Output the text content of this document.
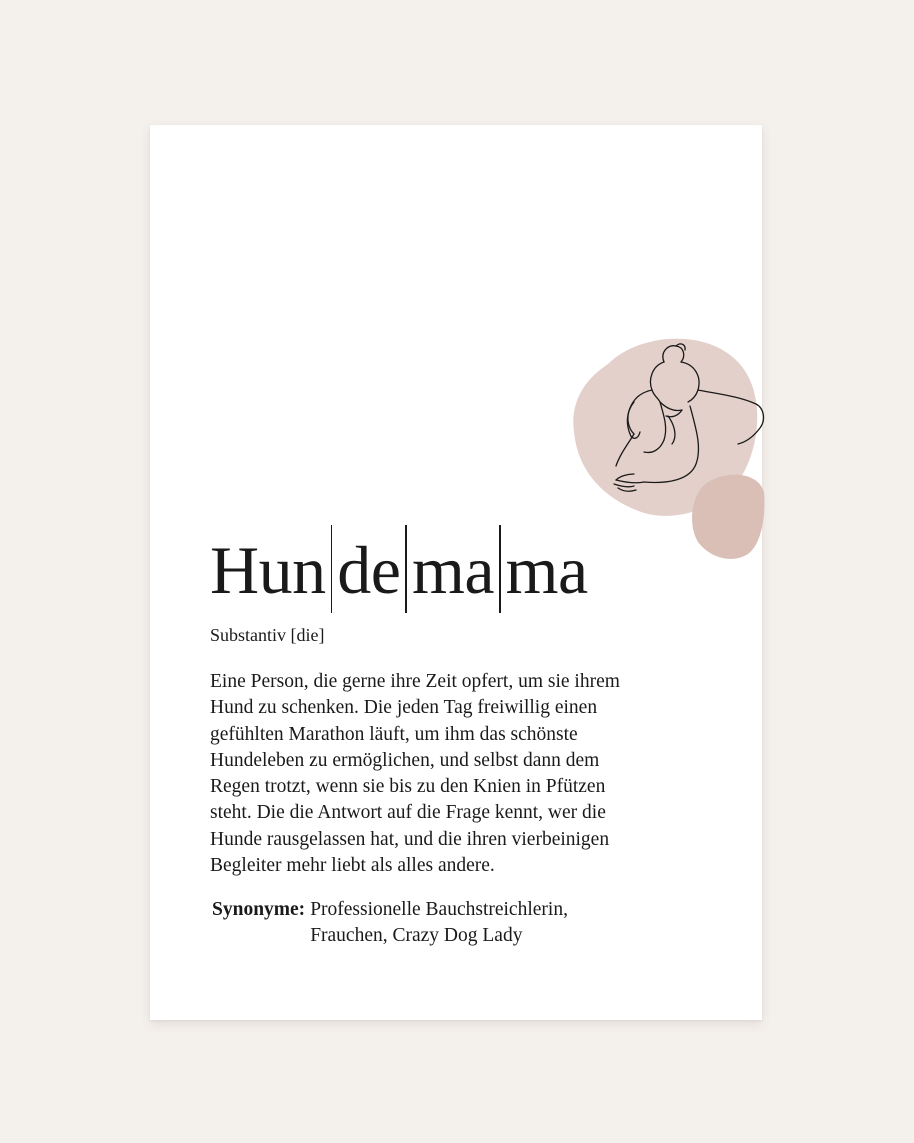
Hun de ma ma

Substantiv [die]

Eine Person, die gerne ihre Zeit opfert, um sie ihrem
Hund zu schenken. Die jeden Tag freiwillig einen
gefühlten Marathon läuft, um ihm das schönste
Hundeleben zu ermöglichen, und selbst dann dem
Regen trotzt, wenn sie bis zu den Knien in Pfützen
steht. Die die Antwort auf die Frage kennt, wer die
Hunde rausgelassen hat, und die ihren vierbeinigen
Begleiter mehr liebt als alles andere.

Synonyme: Professionelle Bauchstreichlerin,
Frauchen, Crazy Dog Lady
